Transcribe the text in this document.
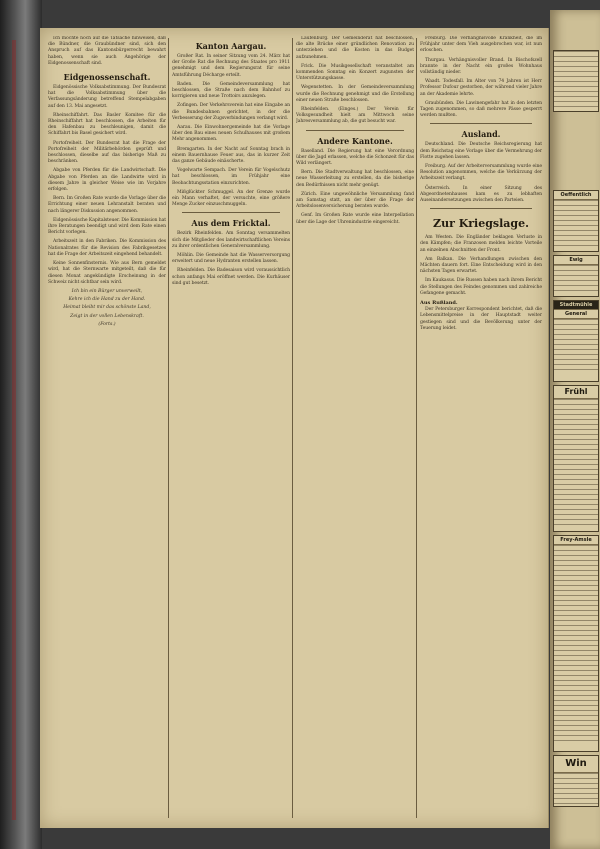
Ich möchte noch auf die Tatsache hinweisen, daß die Bündner, die Graubündner sind, sich den Anspruch auf das Kantonsbürgerrecht bewahrt haben, wenn sie auch Angehörige der Eidgenossenschaft sind.

Eidgenossenschaft.

Eidgenössische Volksabstimmung. Der Bundesrat hat die Volksabstimmung über die Verfassungsänderung betreffend Stempelabgaben auf den 13. Mai angesetzt.

Rheinschiffahrt. Das Basler Komitee für die Rheinschiffahrt hat beschlossen, die Arbeiten für den Hafenbau zu beschleunigen, damit die Schiffahrt bis Basel gesichert wird.

Portofreiheit. Der Bundesrat hat die Frage der Portofreiheit der Militärbehörden geprüft und beschlossen, dieselbe auf das bisherige Maß zu beschränken.

Abgabe von Pferden für die Landwirtschaft. Die Abgabe von Pferden an die Landwirte wird in diesem Jahre in gleicher Weise wie im Vorjahre erfolgen.

Bern. Im Großen Rate wurde die Vorlage über die Errichtung einer neuen Lehranstalt beraten und nach längerer Diskussion angenommen.

Eidgenössische Kapitalsteuer. Die Kommission hat ihre Beratungen beendigt und wird dem Rate einen Bericht vorlegen.

Arbeitszeit in den Fabriken. Die Kommission des Nationalrates für die Revision des Fabrikgesetzes hat die Frage der Arbeitszeit eingehend behandelt.

Keine Sonnenfinsternis. Wie aus Bern gemeldet wird, hat die Sternwarte mitgeteilt, daß die für diesen Monat angekündigte Erscheinung in der Schweiz nicht sichtbar sein wird.

Ich bin ein Bürger unverweilt,
Kehre ich die Hand zu der Hand.
Heimat bleibt mir das schönste Land,
Zeigt in der vollen Lebenskraft.
(Forts.)
Kanton Aargau.

Großer Rat. In seiner Sitzung vom 24. März hat der Große Rat die Rechnung des Staates pro 1911 genehmigt und dem Regierungsrat für seine Amtsführung Décharge erteilt.

Baden. Die Gemeindeversammlung hat beschlossen, die Straße nach dem Bahnhof zu korrigieren und neue Trottoirs anzulegen.

Zofingen. Der Verkehrsverein hat eine Eingabe an die Bundesbahnen gerichtet, in der die Verbesserung der Zugsverbindungen verlangt wird.

Aarau. Die Einwohnergemeinde hat die Vorlage über den Bau eines neuen Schulhauses mit großem Mehr angenommen.

Bremgarten. In der Nacht auf Sonntag brach in einem Bauernhause Feuer aus, das in kurzer Zeit das ganze Gebäude einäscherte.

Vogelwarte Sempach. Der Verein für Vogelschutz hat beschlossen, im Frühjahr eine Beobachtungsstation einzurichten.

Mißglückter Schmuggel. An der Grenze wurde ein Mann verhaftet, der versuchte, eine größere Menge Zucker einzuschmuggeln.

Aus dem Fricktal.

Bezirk Rheinfelden. Am Sonntag versammelten sich die Mitglieder des landwirtschaftlichen Vereins zu ihrer ordentlichen Generalversammlung.

Möhlin. Die Gemeinde hat die Wasserversorgung erweitert und neue Hydranten erstellen lassen.

Rheinfelden. Die Badesaison wird voraussichtlich schon anfangs Mai eröffnet werden. Die Kurhäuser sind gut besetzt.

Laufenburg. Der Gemeinderat hat beschlossen, die alte Brücke einer gründlichen Renovation zu unterziehen und die Kosten in das Budget aufzunehmen.

Frick. Die Musikgesellschaft veranstaltet am kommenden Sonntag ein Konzert zugunsten der Unterstützungskasse.

Wegenstetten. In der Gemeindeversammlung wurde die Rechnung genehmigt und die Erstellung einer neuen Straße beschlossen.

Rheinfelden. (Einges.) Der Verein für Volksgesundheit hielt am Mittwoch seine Jahresversammlung ab, die gut besucht war.

Andere Kantone.

Baselland. Die Regierung hat eine Verordnung über die Jagd erlassen, welche die Schonzeit für das Wild verlängert.

Bern. Die Stadtverwaltung hat beschlossen, eine neue Wasserleitung zu erstellen, da die bisherige den Bedürfnissen nicht mehr genügt.

Zürich. Eine ungewöhnliche Versammlung fand am Samstag statt, an der über die Frage der Arbeitslosenversicherung beraten wurde.

Genf. Im Großen Rate wurde eine Interpellation über die Lage der Uhrenindustrie eingereicht.

Freiburg. Die verhängnisvolle Krankheit, die im Frühjahr unter dem Vieh ausgebrochen war, ist nun erloschen.

Thurgau. Verhängnisvoller Brand. In Bischofszell brannte in der Nacht ein großes Wohnhaus vollständig nieder.

Waadt. Todesfall. Im Alter von 74 Jahren ist Herr Professor Dufour gestorben, der während vieler Jahre an der Akademie lehrte.

Graubünden. Die Lawinengefahr hat in den letzten Tagen zugenommen, so daß mehrere Pässe gesperrt werden mußten.

Ausland.

Deutschland. Die Deutsche Reichsregierung hat dem Reichstag eine Vorlage über die Vermehrung der Flotte zugehen lassen.

Freiburg. Auf der Arbeiterversammlung wurde eine Resolution angenommen, welche die Verkürzung der Arbeitszeit verlangt.

Österreich. In einer Sitzung des Abgeordnetenhauses kam es zu lebhaften Auseinandersetzungen zwischen den Parteien.

Zur Kriegslage.

Am Westen. Die Engländer beklagen Verluste in den Kämpfen; die Franzosen melden leichte Vorteile an einzelnen Abschnitten der Front.

Am Balkan. Die Verhandlungen zwischen den Mächten dauern fort. Eine Entscheidung wird in den nächsten Tagen erwartet.

Im Kaukasus. Die Russen haben nach ihrem Bericht die Stellungen des Feindes genommen und zahlreiche Gefangene gemacht.

Aus Rußland.

Der Petersburger Korrespondent berichtet, daß die Lebensmittelpreise in der Hauptstadt weiter gestiegen sind und die Bevölkerung unter der Teuerung leidet.

Oeffentlich
Ewig
Stadtmühle
General
Frühl
Frey-Amsle
Win
